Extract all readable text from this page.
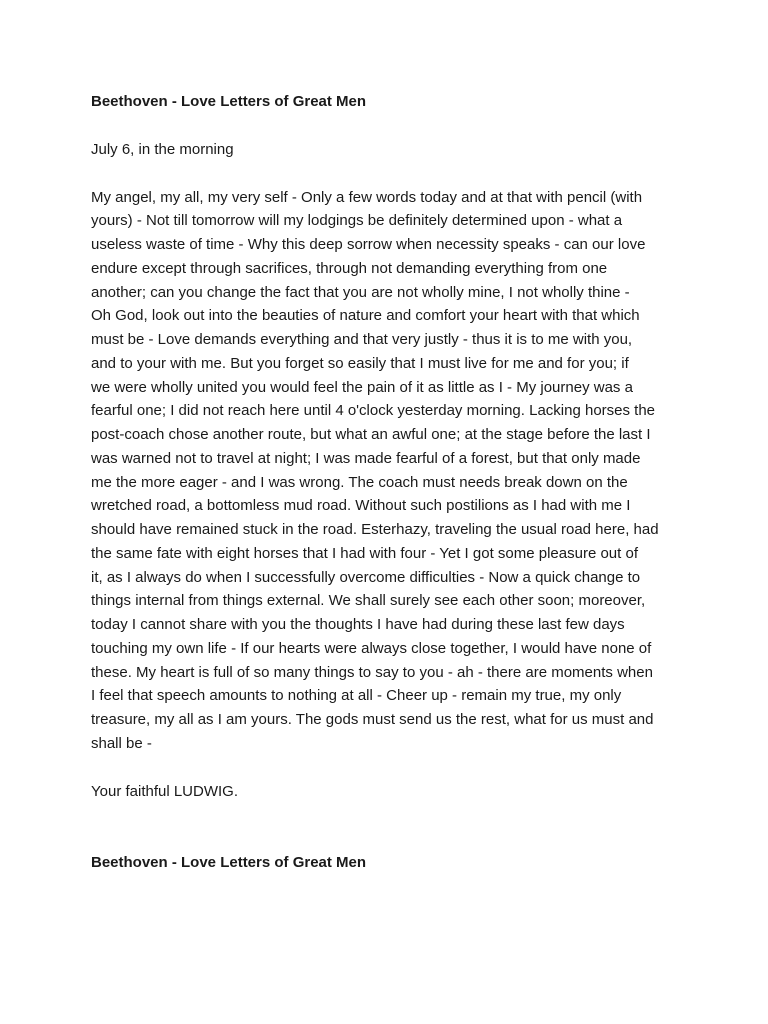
Beethoven - Love Letters of Great Men

July 6, in the morning

My angel, my all, my very self - Only a few words today and at that with pencil (with
yours) - Not till tomorrow will my lodgings be definitely determined upon - what a
useless waste of time - Why this deep sorrow when necessity speaks - can our love
endure except through sacrifices, through not demanding everything from one
another; can you change the fact that you are not wholly mine, I not wholly thine -
Oh God, look out into the beauties of nature and comfort your heart with that which
must be - Love demands everything and that very justly - thus it is to me with you,
and to your with me. But you forget so easily that I must live for me and for you; if
we were wholly united you would feel the pain of it as little as I - My journey was a
fearful one; I did not reach here until 4 o'clock yesterday morning. Lacking horses the
post-coach chose another route, but what an awful one; at the stage before the last I
was warned not to travel at night; I was made fearful of a forest, but that only made
me the more eager - and I was wrong. The coach must needs break down on the
wretched road, a bottomless mud road. Without such postilions as I had with me I
should have remained stuck in the road. Esterhazy, traveling the usual road here, had
the same fate with eight horses that I had with four - Yet I got some pleasure out of
it, as I always do when I successfully overcome difficulties - Now a quick change to
things internal from things external. We shall surely see each other soon; moreover,
today I cannot share with you the thoughts I have had during these last few days
touching my own life - If our hearts were always close together, I would have none of
these. My heart is full of so many things to say to you - ah - there are moments when
I feel that speech amounts to nothing at all - Cheer up - remain my true, my only
treasure, my all as I am yours. The gods must send us the rest, what for us must and
shall be -

Your faithful LUDWIG.

Beethoven - Love Letters of Great Men
